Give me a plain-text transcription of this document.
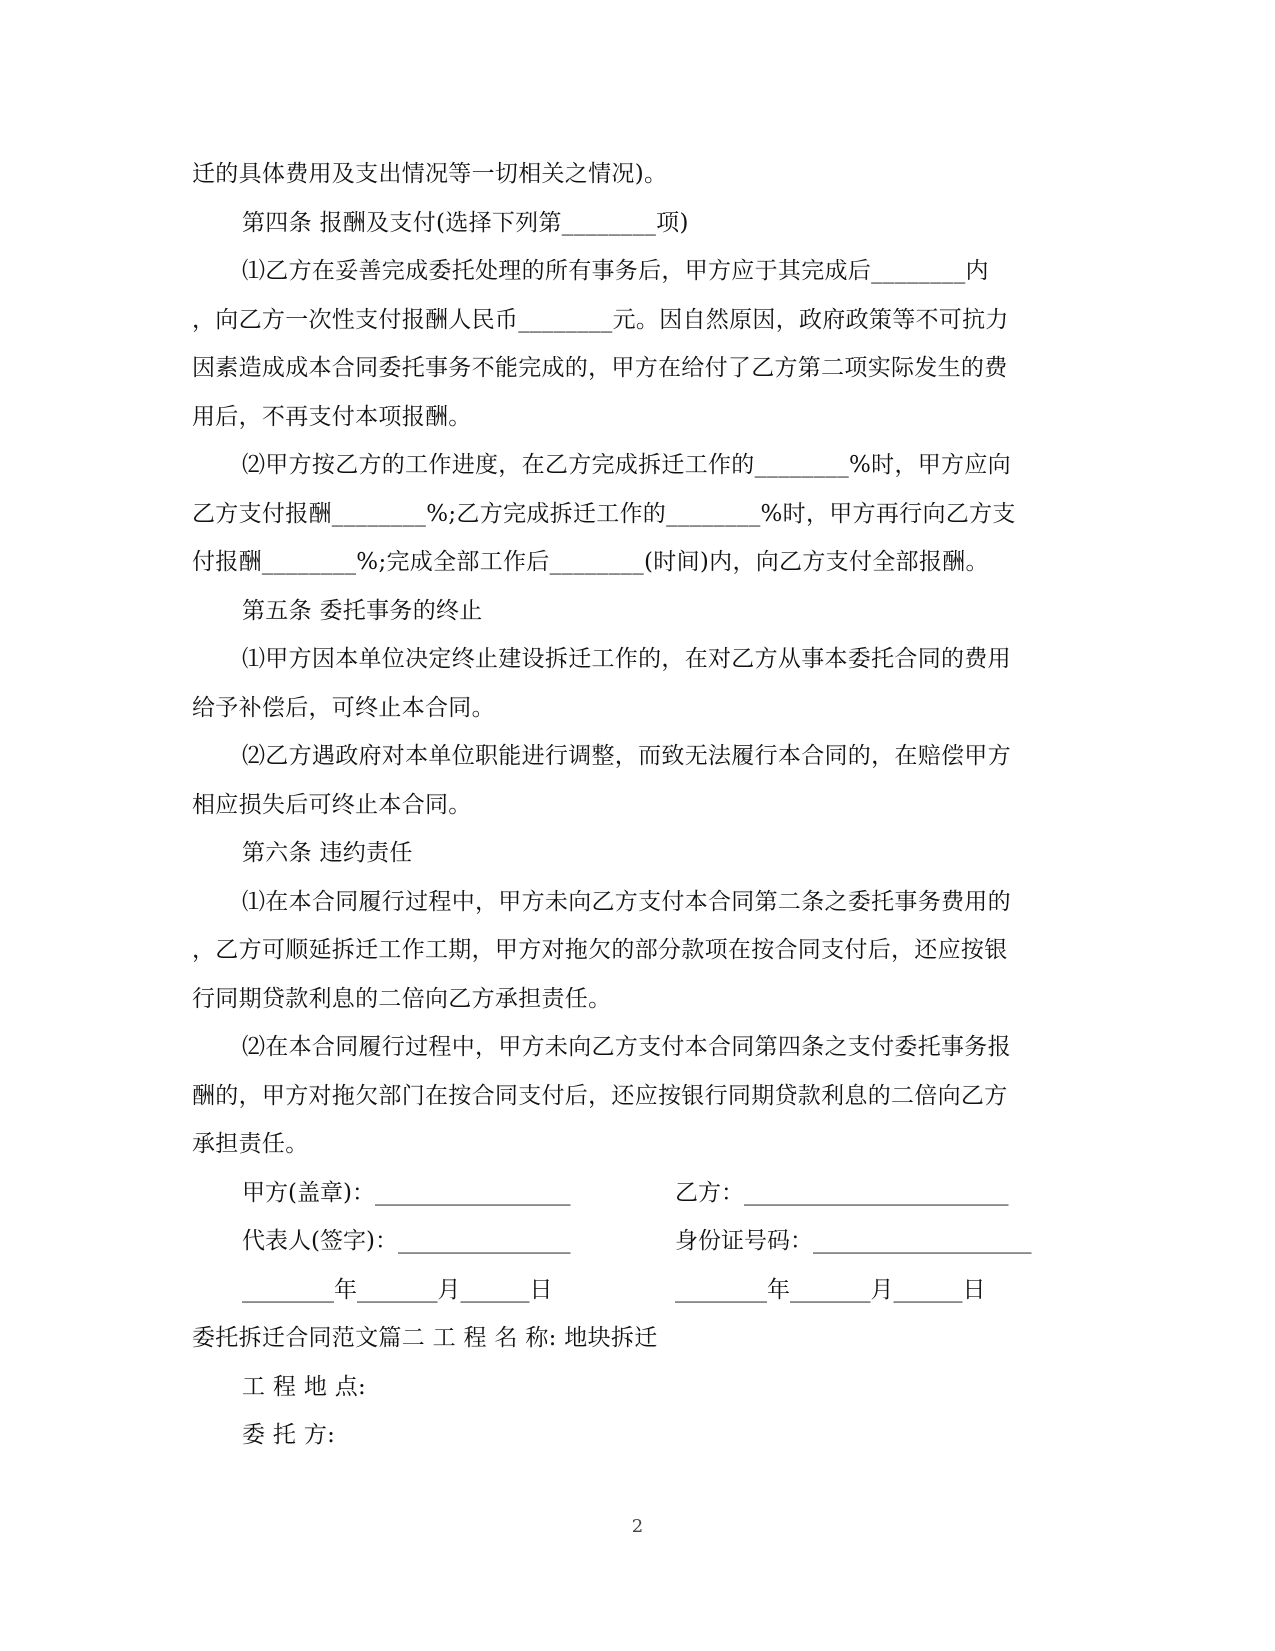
迁的具体费用及支出情况等一切相关之情况)。
第四条 报酬及支付(选择下列第________项)
⑴乙方在妥善完成委托处理的所有事务后，甲方应于其完成后________内
，向乙方一次性支付报酬人民币________元。因自然原因，政府政策等不可抗力
因素造成成本合同委托事务不能完成的，甲方在给付了乙方第二项实际发生的费
用后，不再支付本项报酬。
⑵甲方按乙方的工作进度，在乙方完成拆迁工作的________%时，甲方应向
乙方支付报酬________%;乙方完成拆迁工作的________%时，甲方再行向乙方支
付报酬________%;完成全部工作后________(时间)内，向乙方支付全部报酬。
第五条 委托事务的终止
⑴甲方因本单位决定终止建设拆迁工作的，在对乙方从事本委托合同的费用
给予补偿后，可终止本合同。
⑵乙方遇政府对本单位职能进行调整，而致无法履行本合同的，在赔偿甲方
相应损失后可终止本合同。
第六条 违约责任
⑴在本合同履行过程中，甲方未向乙方支付本合同第二条之委托事务费用的
，乙方可顺延拆迁工作工期，甲方对拖欠的部分款项在按合同支付后，还应按银
行同期贷款利息的二倍向乙方承担责任。
⑵在本合同履行过程中，甲方未向乙方支付本合同第四条之支付委托事务报
酬的，甲方对拖欠部门在按合同支付后，还应按银行同期贷款利息的二倍向乙方
承担责任。
甲方(盖章)：_________________	乙方：_______________________
代表人(签字)：_______________	身份证号码：___________________
________年_______月______日	________年_______月______日
委托拆迁合同范文篇二 工 程 名 称: 地块拆迁
工 程 地 点:
委 托 方:
2
